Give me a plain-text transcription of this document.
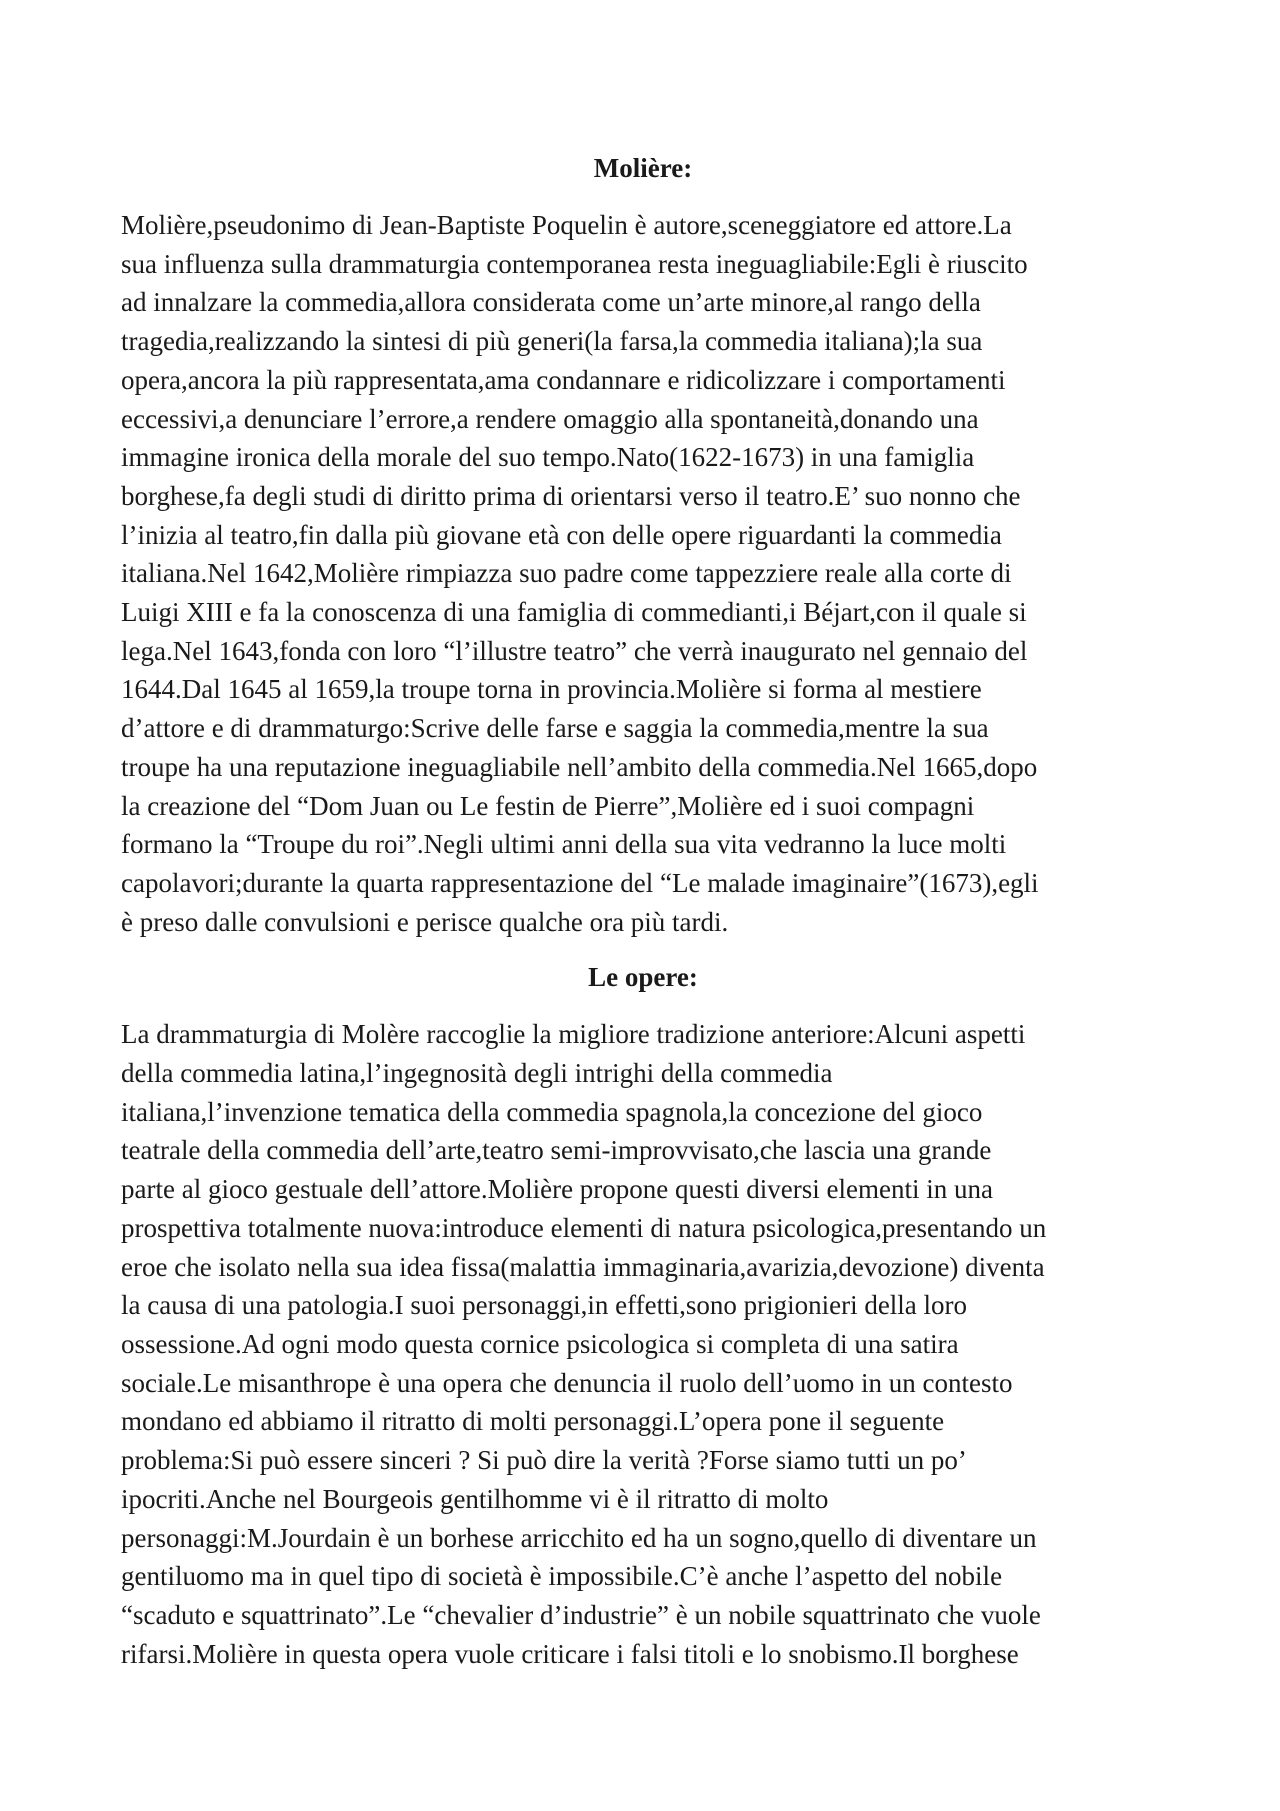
Molière:
Molière,pseudonimo di Jean-Baptiste Poquelin è autore,sceneggiatore ed attore.La
sua influenza sulla drammaturgia contemporanea resta ineguagliabile:Egli è riuscito
ad innalzare la commedia,allora considerata come un’arte minore,al rango della
tragedia,realizzando la sintesi di più generi(la farsa,la commedia italiana);la sua
opera,ancora la più rappresentata,ama condannare e ridicolizzare i comportamenti
eccessivi,a denunciare l’errore,a rendere omaggio alla spontaneità,donando una
immagine ironica della morale del suo tempo.Nato(1622-1673) in una famiglia
borghese,fa degli studi di diritto prima di orientarsi verso il teatro.E’ suo nonno che
l’inizia al teatro,fin dalla più giovane età con delle opere riguardanti la commedia
italiana.Nel 1642,Molière rimpiazza suo padre come tappezziere reale alla corte di
Luigi XIII e fa la conoscenza di una famiglia di commedianti,i Béjart,con il quale si
lega.Nel 1643,fonda con loro “l’illustre teatro” che verrà inaugurato nel gennaio del
1644.Dal 1645 al 1659,la troupe torna in provincia.Molière si forma al mestiere
d’attore e di drammaturgo:Scrive delle farse e saggia la commedia,mentre la sua
troupe ha una reputazione ineguagliabile nell’ambito della commedia.Nel 1665,dopo
la creazione del “Dom Juan ou Le festin de Pierre”,Molière ed i suoi compagni
formano la “Troupe du roi”.Negli ultimi anni della sua vita vedranno la luce molti
capolavori;durante la quarta rappresentazione del “Le malade imaginaire”(1673),egli
è preso dalle convulsioni e perisce qualche ora più tardi.
Le opere:
La drammaturgia di Molère raccoglie la migliore tradizione anteriore:Alcuni aspetti
della commedia latina,l’ingegnosità degli intrighi della commedia
italiana,l’invenzione tematica della commedia spagnola,la concezione del gioco
teatrale della commedia dell’arte,teatro semi-improvvisato,che lascia una grande
parte al gioco gestuale dell’attore.Molière propone questi diversi elementi in una
prospettiva totalmente nuova:introduce elementi di natura psicologica,presentando un
eroe che isolato nella sua idea fissa(malattia immaginaria,avarizia,devozione) diventa
la causa di una patologia.I suoi personaggi,in effetti,sono prigionieri della loro
ossessione.Ad ogni modo questa cornice psicologica si completa di una satira
sociale.Le misanthrope è una opera che denuncia il ruolo dell’uomo in un contesto
mondano ed abbiamo il ritratto di molti personaggi.L’opera pone il seguente
problema:Si può essere sinceri ? Si può dire la verità ?Forse siamo tutti un po’
ipocriti.Anche nel Bourgeois gentilhomme vi è il ritratto di molto
personaggi:M.Jourdain è un borhese arricchito ed ha un sogno,quello di diventare un
gentiluomo ma in quel tipo di società è impossibile.C’è anche l’aspetto del nobile
“scaduto e squattrinato”.Le “chevalier d’industrie” è un nobile squattrinato che vuole
rifarsi.Molière in questa opera vuole criticare i falsi titoli e lo snobismo.Il borghese
